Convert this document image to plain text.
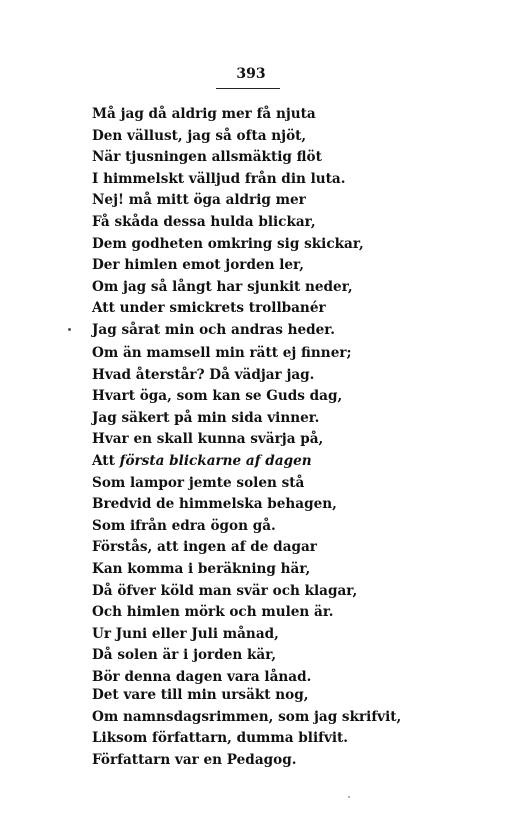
393
Må jag då aldrig mer få njuta
Den vällust, jag så ofta njöt,
När tjusningen allsmäktig flöt
I himmelskt välljud från din luta.
Nej! må mitt öga aldrig mer
Få skåda dessa hulda blickar,
Dem godheten omkring sig skickar,
Der himlen emot jorden ler,
Om jag så långt har sjunkit neder,
Att under smickrets trollbanér
Jag sårat min och andras heder.
Om än mamsell min rätt ej finner;
Hvad återstår? Då vädjar jag.
Hvart öga, som kan se Guds dag,
Jag säkert på min sida vinner.
Hvar en skall kunna svärja på,
Att första blickarne af dagen
Som lampor jemte solen stå
Bredvid de himmelska behagen,
Som ifrån edra ögon gå.
Förstås, att ingen af de dagar
Kan komma i beräkning här,
Då öfver köld man svär och klagar,
Och himlen mörk och mulen är.
Ur Juni eller Juli månad,
Då solen är i jorden kär,
Bör denna dagen vara lånad.
Det vare till min ursäkt nog,
Om namnsdagsrimmen, som jag skrifvit,
Liksom författarn, dumma blifvit.
Författarn var en Pedagog.
